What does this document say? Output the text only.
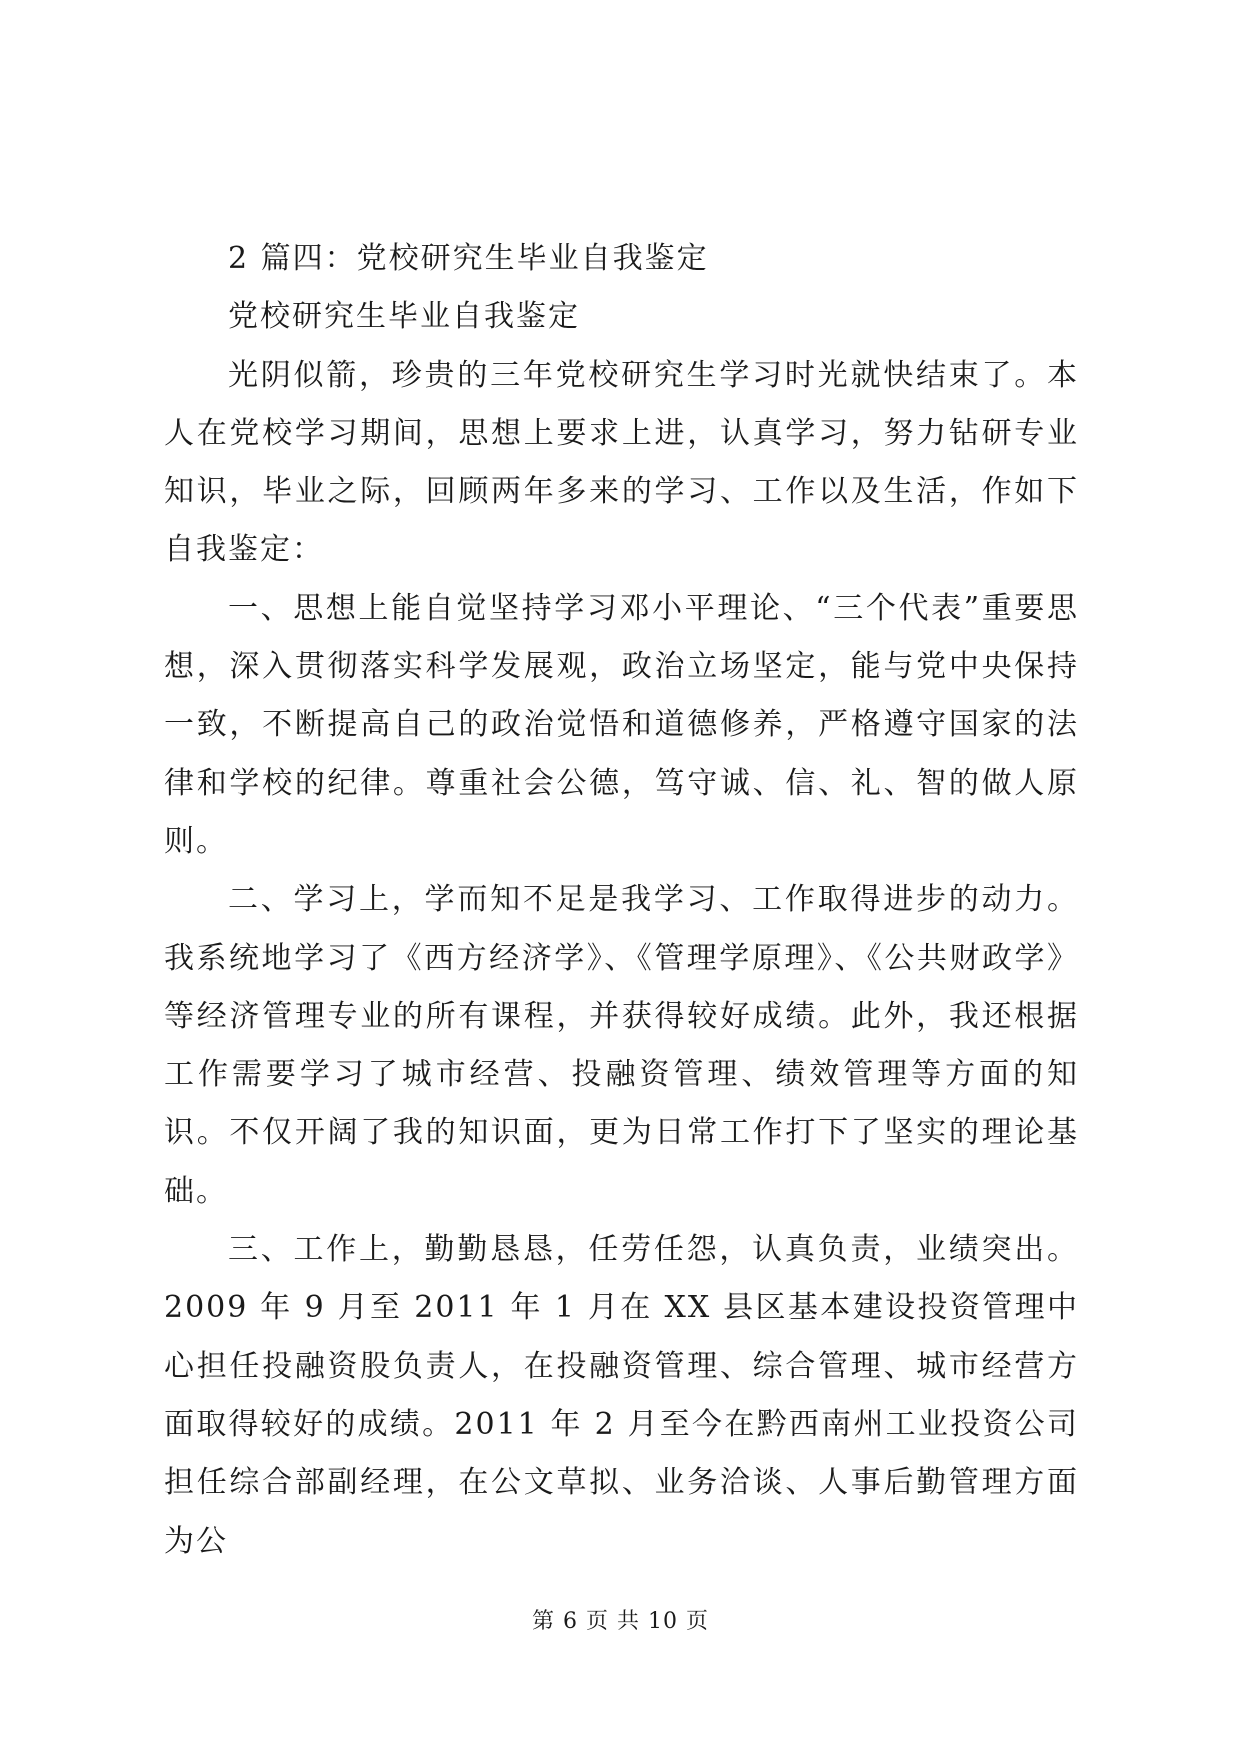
2 篇四：党校研究生毕业自我鉴定

党校研究生毕业自我鉴定

光阴似箭，珍贵的三年党校研究生学习时光就快结束了。本人在党校学习期间，思想上要求上进，认真学习，努力钻研专业知识，毕业之际，回顾两年多来的学习、工作以及生活，作如下自我鉴定：

一、思想上能自觉坚持学习邓小平理论、“三个代表”重要思想，深入贯彻落实科学发展观，政治立场坚定，能与党中央保持一致，不断提高自己的政治觉悟和道德修养，严格遵守国家的法律和学校的纪律。尊重社会公德，笃守诚、信、礼、智的做人原则。

二、学习上，学而知不足是我学习、工作取得进步的动力。我系统地学习了《西方经济学》、《管理学原理》、《公共财政学》等经济管理专业的所有课程，并获得较好成绩。此外，我还根据工作需要学习了城市经营、投融资管理、绩效管理等方面的知识。不仅开阔了我的知识面，更为日常工作打下了坚实的理论基础。

三、工作上，勤勤恳恳，任劳任怨，认真负责，业绩突出。2009 年 9 月至 2011 年 1 月在 XX 县区基本建设投资管理中心担任投融资股负责人，在投融资管理、综合管理、城市经营方面取得较好的成绩。2011 年 2 月至今在黔西南州工业投资公司担任综合部副经理，在公文草拟、业务洽谈、人事后勤管理方面为公

第 6 页 共 10 页
